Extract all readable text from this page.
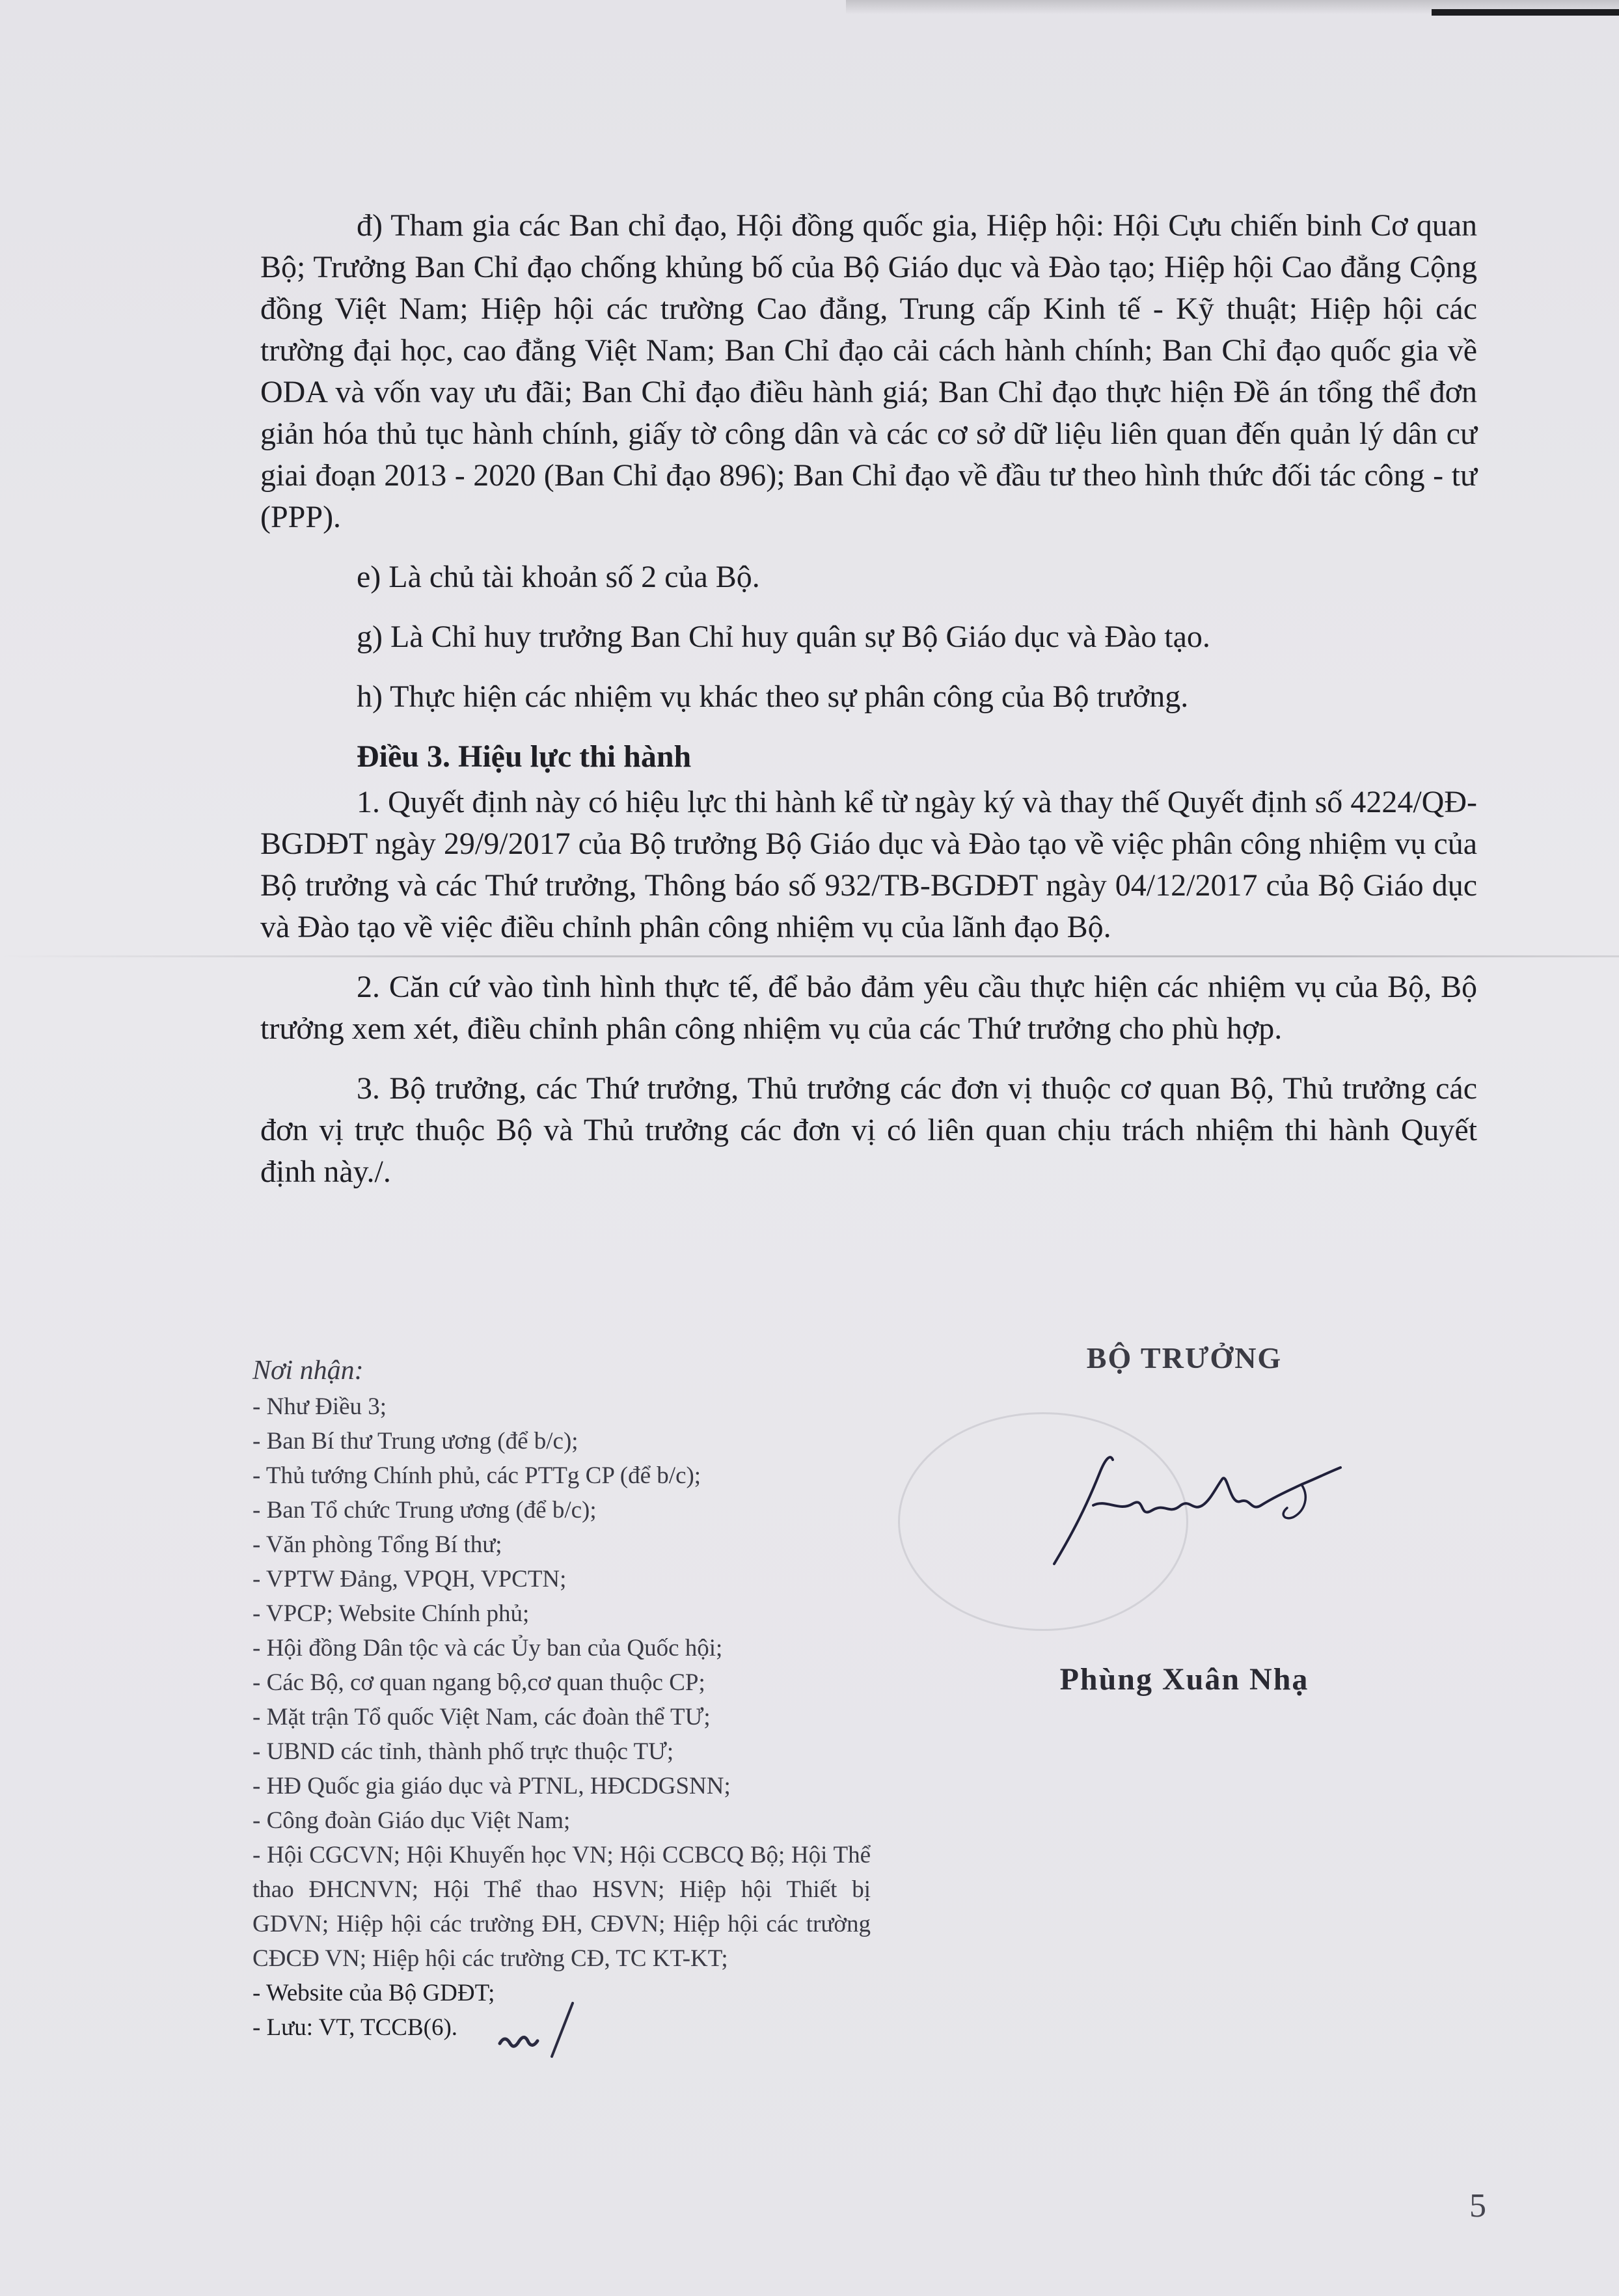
đ) Tham gia các Ban chỉ đạo, Hội đồng quốc gia, Hiệp hội: Hội Cựu chiến binh Cơ quan Bộ; Trưởng Ban Chỉ đạo chống khủng bố của Bộ Giáo dục và Đào tạo; Hiệp hội Cao đẳng Cộng đồng Việt Nam; Hiệp hội các trường Cao đẳng, Trung cấp Kinh tế - Kỹ thuật; Hiệp hội các trường đại học, cao đẳng Việt Nam; Ban Chỉ đạo cải cách hành chính; Ban Chỉ đạo quốc gia về ODA và vốn vay ưu đãi; Ban Chỉ đạo điều hành giá; Ban Chỉ đạo thực hiện Đề án tổng thể đơn giản hóa thủ tục hành chính, giấy tờ công dân và các cơ sở dữ liệu liên quan đến quản lý dân cư giai đoạn 2013 - 2020 (Ban Chỉ đạo 896); Ban Chỉ đạo về đầu tư theo hình thức đối tác công - tư (PPP).

e) Là chủ tài khoản số 2 của Bộ.

g) Là Chỉ huy trưởng Ban Chỉ huy quân sự Bộ Giáo dục và Đào tạo.

h) Thực hiện các nhiệm vụ khác theo sự phân công của Bộ trưởng.

Điều 3. Hiệu lực thi hành

1. Quyết định này có hiệu lực thi hành kể từ ngày ký và thay thế Quyết định số 4224/QĐ-BGDĐT ngày 29/9/2017 của Bộ trưởng Bộ Giáo dục và Đào tạo về việc phân công nhiệm vụ của Bộ trưởng và các Thứ trưởng, Thông báo số 932/TB-BGDĐT ngày 04/12/2017 của Bộ Giáo dục và Đào tạo về việc điều chỉnh phân công nhiệm vụ của lãnh đạo Bộ.

2. Căn cứ vào tình hình thực tế, để bảo đảm yêu cầu thực hiện các nhiệm vụ của Bộ, Bộ trưởng xem xét, điều chỉnh phân công nhiệm vụ của các Thứ trưởng cho phù hợp.

3. Bộ trưởng, các Thứ trưởng, Thủ trưởng các đơn vị thuộc cơ quan Bộ, Thủ trưởng các đơn vị trực thuộc Bộ và Thủ trưởng các đơn vị có liên quan chịu trách nhiệm thi hành Quyết định này./.

Nơi nhận:
- Như Điều 3;
- Ban Bí thư Trung ương (để b/c);
- Thủ tướng Chính phủ, các PTTg CP (để b/c);
- Ban Tổ chức Trung ương (để b/c);
- Văn phòng Tổng Bí thư;
- VPTW Đảng, VPQH, VPCTN;
- VPCP; Website Chính phủ;
- Hội đồng Dân tộc và các Ủy ban của Quốc hội;
- Các Bộ, cơ quan ngang bộ,cơ quan thuộc CP;
- Mặt trận Tổ quốc Việt Nam, các đoàn thể TƯ;
- UBND các tỉnh, thành phố trực thuộc TƯ;
- HĐ Quốc gia giáo dục và PTNL, HĐCDGSNN;
- Công đoàn Giáo dục Việt Nam;
- Hội CGCVN; Hội Khuyến học VN; Hội CCBCQ Bộ; Hội Thể thao ĐHCNVN; Hội Thể thao HSVN; Hiệp hội Thiết bị GDVN; Hiệp hội các trường ĐH, CĐVN; Hiệp hội các trường CĐCĐ VN; Hiệp hội các trường CĐ, TC KT-KT;
- Website của Bộ GDĐT;
- Lưu: VT, TCCB(6).
BỘ TRƯỞNG
Phùng Xuân Nhạ
5
